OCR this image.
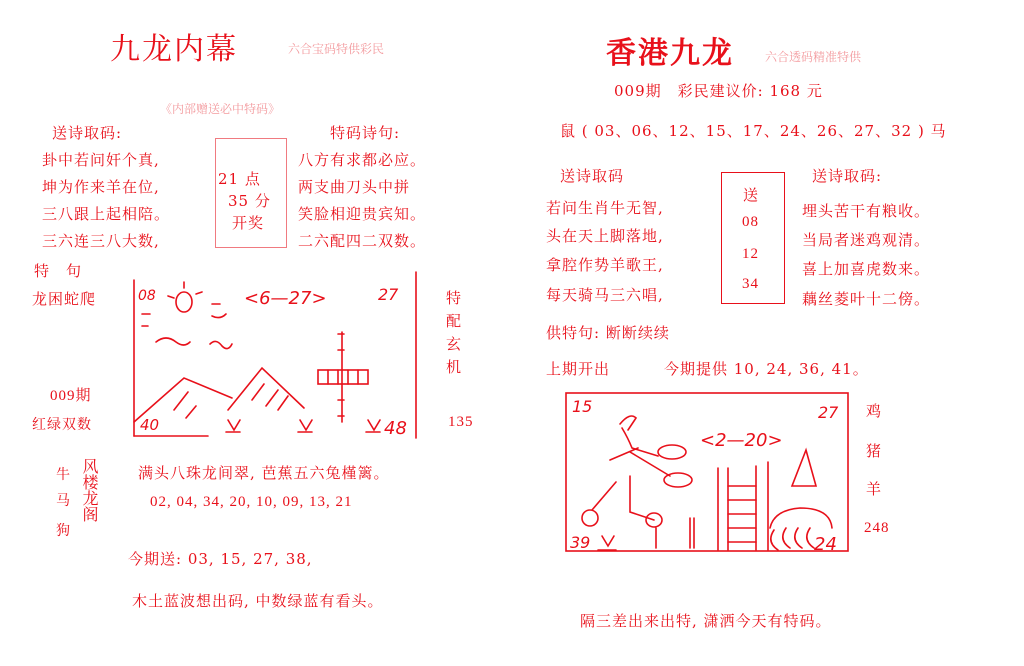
九龙内幕	六合宝码特供彩民
《内部赠送必中特码》
送诗取码:
卦中若问奸个真,
坤为作来羊在位,
三八跟上起相陪。
三六连三八大数,
21 点
35 分
开奖
特码诗句:
八方有求都必应。
两支曲刀头中拼
笑脸相迎贵宾知。
二六配四二双数。
特　句
龙困蛇爬
009期
红绿双数
08	<6—27>	27
40	48
特配玄机
135
牛
马
狗
风楼龙阁	满头八珠龙间翠, 芭蕉五六兔槿篱。
02, 04, 34, 20, 10, 09, 13, 21
今期送: 03, 15, 27, 38,
木土蓝波想出码, 中数绿蓝有看头。
香港九龙	六合透码精准特供
009期　彩民建议价: 168 元
鼠 ( 03、06、12、15、17、24、26、27、32 ) 马
送诗取码
若问生肖牛无智,
头在天上脚落地,
拿腔作势羊歌王,
每天骑马三六唱,
送
08
12
34
送诗取码:
埋头苦干有粮收。
当局者迷鸡观清。
喜上加喜虎数来。
藕丝菱叶十二傍。
供特句: 断断续续
上期开出	今期提供 10, 24, 36, 41。
15
<2—20>
27
39	24
鸡
猪
羊
248
隔三差出来出特, 潇洒今天有特码。
